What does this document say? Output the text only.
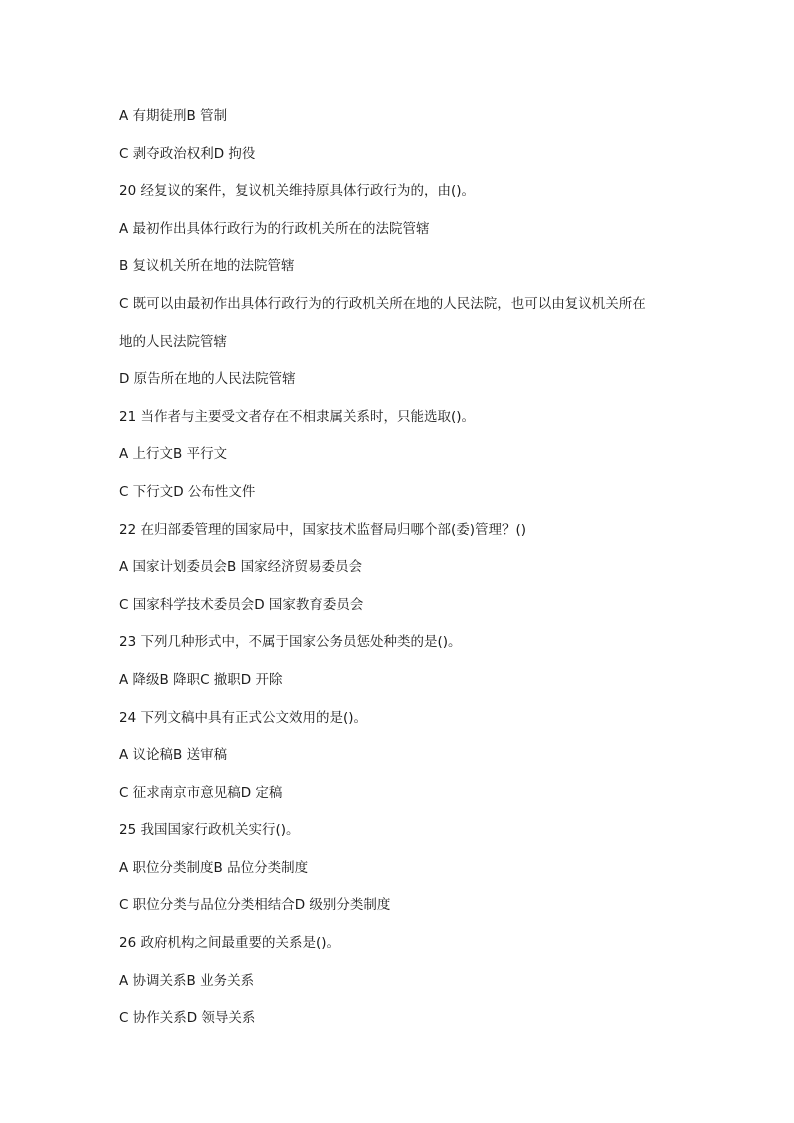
A 有期徒刑B 管制
C 剥夺政治权利D 拘役
20 经复议的案件，复议机关维持原具体行政行为的，由()。
A 最初作出具体行政行为的行政机关所在的法院管辖
B 复议机关所在地的法院管辖
C 既可以由最初作出具体行政行为的行政机关所在地的人民法院，也可以由复议机关所在
地的人民法院管辖
D 原告所在地的人民法院管辖
21 当作者与主要受文者存在不相隶属关系时，只能选取()。
A 上行文B 平行文
C 下行文D 公布性文件
22 在归部委管理的国家局中，国家技术监督局归哪个部(委)管理？()
A 国家计划委员会B 国家经济贸易委员会
C 国家科学技术委员会D 国家教育委员会
23 下列几种形式中，不属于国家公务员惩处种类的是()。
A 降级B 降职C 撤职D 开除
24 下列文稿中具有正式公文效用的是()。
A 议论稿B 送审稿
C 征求南京市意见稿D 定稿
25 我国国家行政机关实行()。
A 职位分类制度B 品位分类制度
C 职位分类与品位分类相结合D 级别分类制度
26 政府机构之间最重要的关系是()。
A 协调关系B 业务关系
C 协作关系D 领导关系
